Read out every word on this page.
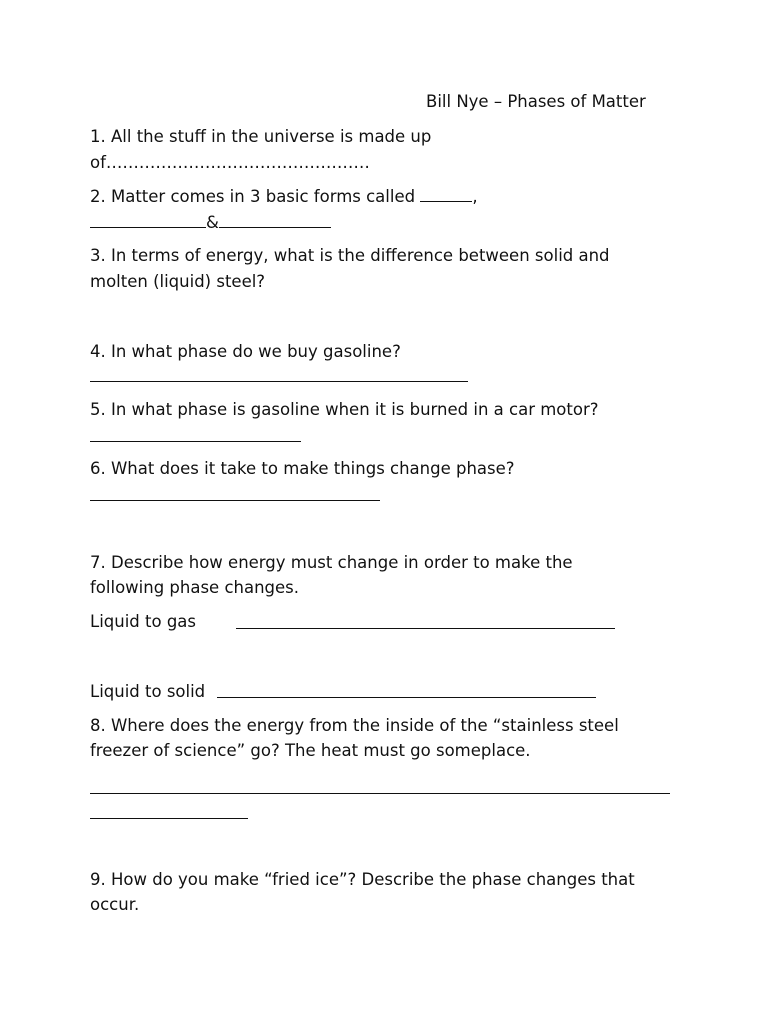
Bill Nye – Phases of Matter
1. All the stuff in the universe is made up
of…………………………………………
2. Matter comes in 3 basic forms called	,
&
3. In terms of energy, what is the difference between solid and
molten (liquid) steel?
4. In what phase do we buy gasoline?
5. In what phase is gasoline when it is burned in a car motor?
6. What does it take to make things change phase?
7. Describe how energy must change in order to make the
following phase changes.
Liquid to gas
Liquid to solid
8. Where does the energy from the inside of the “stainless steel
freezer of science” go? The heat must go someplace.
9. How do you make “fried ice”? Describe the phase changes that
occur.
